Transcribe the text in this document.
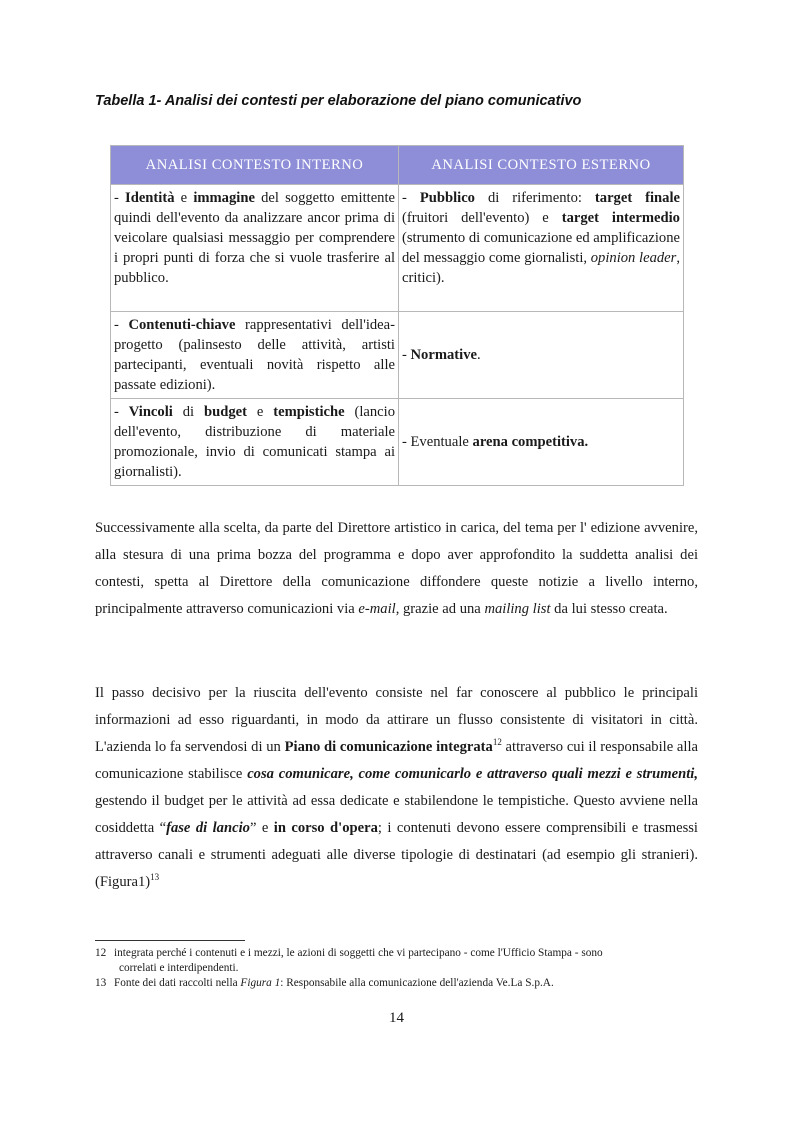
Tabella 1- Analisi dei contesti per elaborazione del piano comunicativo
ANALISI CONTESTO INTERNO	ANALISI CONTESTO ESTERNO
- Identità e immagine del soggetto emittente quindi dell'evento da analizzare ancor prima di veicolare qualsiasi messaggio per comprendere i propri punti di forza che si vuole trasferire al pubblico.	- Pubblico di riferimento: target finale (fruitori dell'evento) e target intermedio (strumento di comunicazione ed amplificazione del messaggio come giornalisti, opinion leader, critici).
- Contenuti-chiave rappresentativi dell'idea-progetto (palinsesto delle attività, artisti partecipanti, eventuali novità rispetto alle passate edizioni).	- Normative.
- Vincoli di budget e tempistiche (lancio dell'evento, distribuzione di materiale promozionale, invio di comunicati stampa ai giornalisti).	- Eventuale arena competitiva.
Successivamente alla scelta, da parte del Direttore artistico in carica, del tema per l' edizione avvenire, alla stesura di una prima bozza del programma e dopo aver approfondito la suddetta analisi dei contesti, spetta al Direttore della comunicazione diffondere queste notizie a livello interno, principalmente attraverso comunicazioni via e-mail, grazie ad una mailing list da lui stesso creata.
Il passo decisivo per la riuscita dell'evento consiste nel far conoscere al pubblico le principali informazioni ad esso riguardanti, in modo da attirare un flusso consistente di visitatori in città. L'azienda lo fa servendosi di un Piano di comunicazione integrata$^{12}$ attraverso cui il responsabile alla comunicazione stabilisce cosa comunicare, come comunicarlo e attraverso quali mezzi e strumenti, gestendo il budget per le attività ad essa dedicate e stabilendone le tempistiche. Questo avviene nella cosiddetta “fase di lancio” e in corso d'opera; i contenuti devono essere comprensibili e trasmessi attraverso canali e strumenti adeguati alle diverse tipologie di destinatari (ad esempio gli stranieri). (Figura1)$^{13}$
12 integrata perché i contenuti e i mezzi, le azioni di soggetti che vi partecipano - come l'Ufficio Stampa - sono
correlati e interdipendenti.
13 Fonte dei dati raccolti nella Figura 1: Responsabile alla comunicazione dell'azienda Ve.La S.p.A.
14
